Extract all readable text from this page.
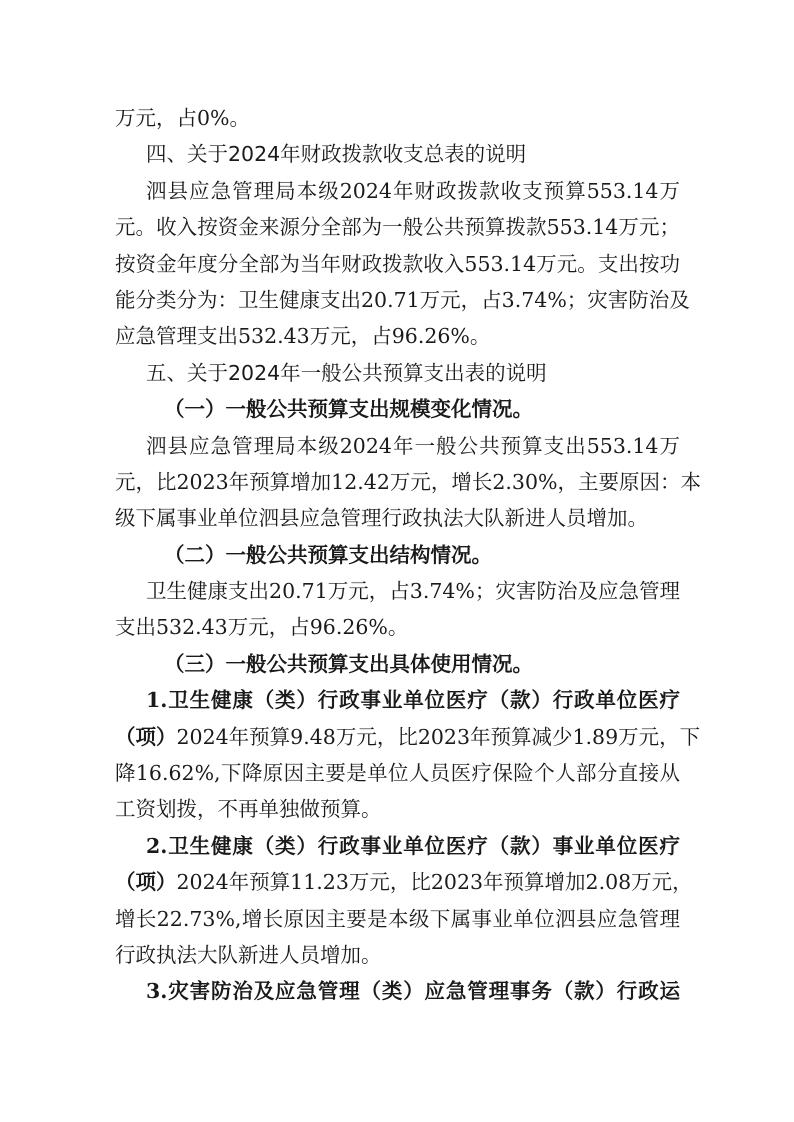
万元，占0%。
四、关于2024年财政拨款收支总表的说明
泗县应急管理局本级2024年财政拨款收支预算553.14万
元。收入按资金来源分全部为一般公共预算拨款553.14万元；
按资金年度分全部为当年财政拨款收入553.14万元。支出按功
能分类分为：卫生健康支出20.71万元，占3.74%；灾害防治及
应急管理支出532.43万元，占96.26%。
五、关于2024年一般公共预算支出表的说明
（一）一般公共预算支出规模变化情况。
泗县应急管理局本级2024年一般公共预算支出553.14万
元，比2023年预算增加12.42万元，增长2.30%，主要原因：本
级下属事业单位泗县应急管理行政执法大队新进人员增加。
（二）一般公共预算支出结构情况。
卫生健康支出20.71万元，占3.74%；灾害防治及应急管理
支出532.43万元，占96.26%。
（三）一般公共预算支出具体使用情况。
1.卫生健康（类）行政事业单位医疗（款）行政单位医疗
（项）2024年预算9.48万元，比2023年预算减少1.89万元，下
降16.62%,下降原因主要是单位人员医疗保险个人部分直接从
工资划拨，不再单独做预算。
2.卫生健康（类）行政事业单位医疗（款）事业单位医疗
（项）2024年预算11.23万元，比2023年预算增加2.08万元，
增长22.73%,增长原因主要是本级下属事业单位泗县应急管理
行政执法大队新进人员增加。
3.灾害防治及应急管理（类）应急管理事务（款）行政运
